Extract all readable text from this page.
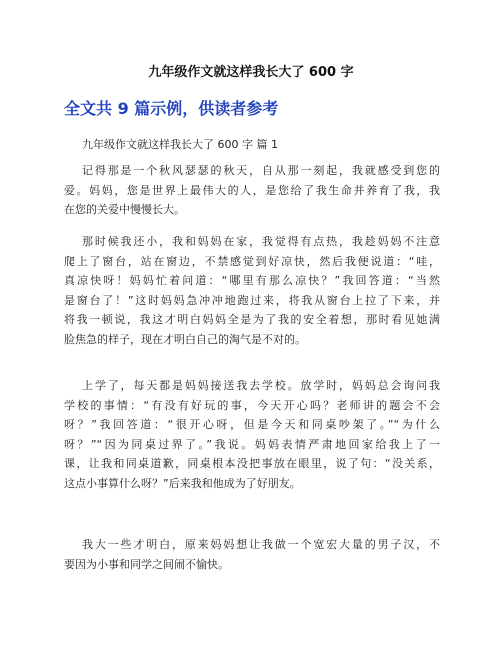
九年级作文就这样我长大了 600 字
全文共 9 篇示例，供读者参考

九年级作文就这样我长大了 600 字 篇 1

记得那是一个秋风瑟瑟的秋天，自从那一刻起，我就感受到您的
爱。妈妈，您是世界上最伟大的人，是您给了我生命并养育了我，我
在您的关爱中慢慢长大。

那时候我还小，我和妈妈在家，我觉得有点热，我趁妈妈不注意
爬上了窗台，站在窗边，不禁感觉到好凉快，然后我便说道：“哇，
真凉快呀！妈妈忙着问道：“哪里有那么凉快？”我回答道：“当然
是窗台了！”这时妈妈急冲冲地跑过来，将我从窗台上拉了下来，并
将我一顿说，我这才明白妈妈全是为了我的安全着想，那时看见她满
脸焦急的样子，现在才明白自己的淘气是不对的。

上学了，每天都是妈妈接送我去学校。放学时，妈妈总会询问我
学校的事情：“有没有好玩的事，今天开心吗？老师讲的题会不会
呀？”我回答道：“很开心呀，但是今天和同桌吵架了。”“为什么
呀？”“因为同桌过界了。”我说。妈妈表情严肃地回家给我上了一
课，让我和同桌道歉，同桌根本没把事放在眼里，说了句：“没关系，
这点小事算什么呀？”后来我和他成为了好朋友。

我大一些才明白，原来妈妈想让我做一个宽宏大量的男子汉，不
要因为小事和同学之间闹不愉快。
